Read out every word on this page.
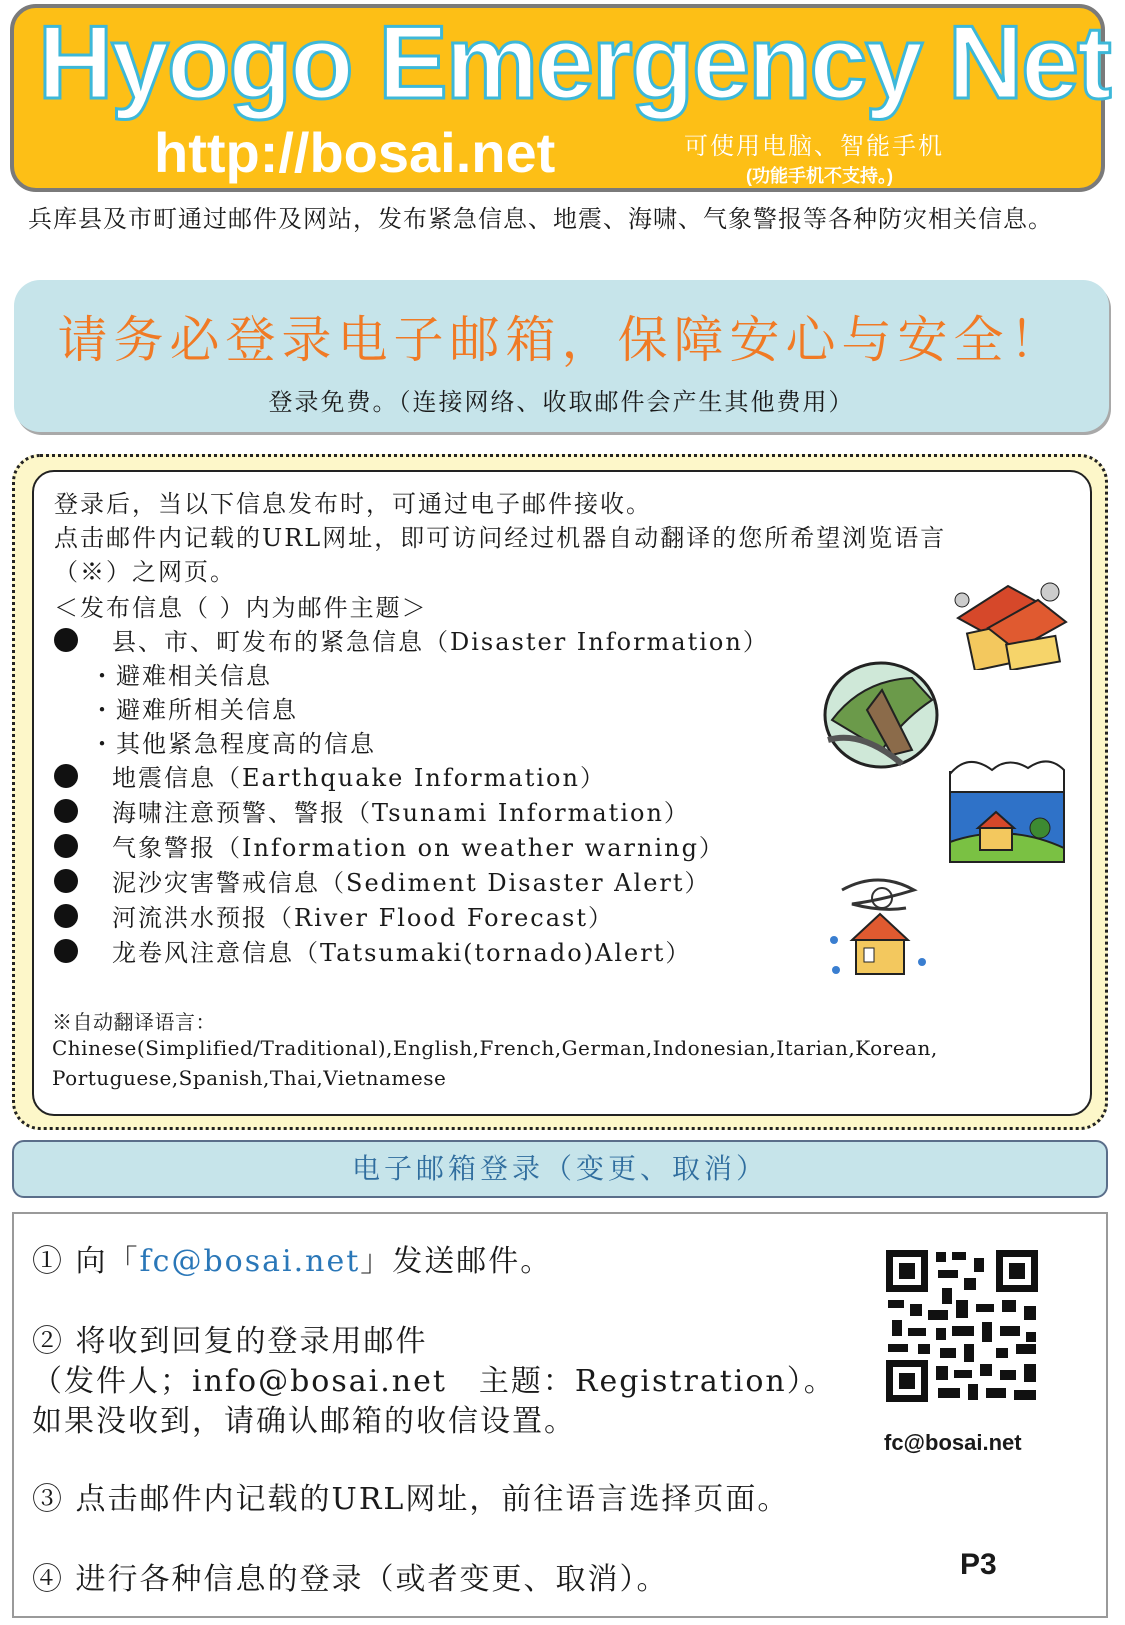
Hyogo Emergency Net
http://bosai.net	可使用电脑、智能手机
(功能手机不支持。)
兵库县及市町通过邮件及网站，发布紧急信息、地震、海啸、气象警报等各种防灾相关信息。
请务必登录电子邮箱，保障安心与安全！
登录免费。（连接网络、收取邮件会产生其他费用）
登录后，当以下信息发布时，可通过电子邮件接收。
点击邮件内记载的URL网址，即可访问经过机器自动翻译的您所希望浏览语言
（※）之网页。
＜发布信息（ ）内为邮件主题＞
县、市、町发布的紧急信息（Disaster Information）
・避难相关信息
・避难所相关信息
・其他紧急程度高的信息
地震信息（Earthquake Information）
海啸注意预警、警报（Tsunami Information）
气象警报（Information on weather warning）
泥沙灾害警戒信息（Sediment Disaster Alert）
河流洪水预报（River Flood Forecast）
龙卷风注意信息（Tatsumaki(tornado)Alert）
※自动翻译语言：
Chinese(Simplified/Traditional),English,French,German,Indonesian,Itarian,Korean,
Portuguese,Spanish,Thai,Vietnamese
电子邮箱登录（变更、取消）
① 向「fc@bosai.net」发送邮件。
② 将收到回复的登录用邮件
（发件人；info@bosai.net　主题：Registration）。
如果没收到，请确认邮箱的收信设置。
③ 点击邮件内记载的URL网址，前往语言选择页面。
④ 进行各种信息的登录（或者变更、取消）。
fc@bosai.net
P3
